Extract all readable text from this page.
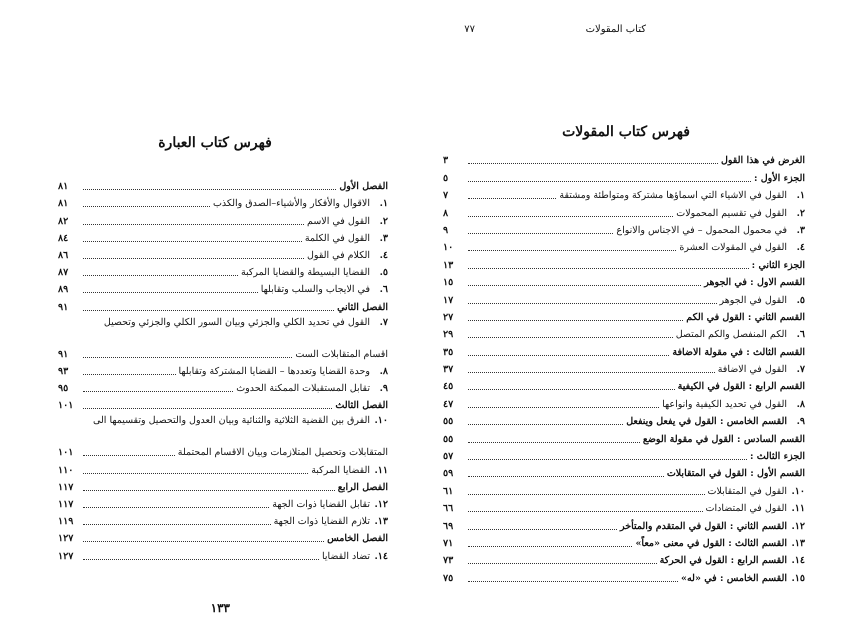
فهرس كتاب العبارة
الفصل الأول
٨١
١.
الاقوال والأفكار والأشياء–الصدق والكذب
٨١
٢.
القول في الاسم
٨٢
٣.
القول في الكلمة
٨٤
٤.
الكلام في القول
٨٦
٥.
القضايا البسيطة والقضايا المركبة
٨٧
٦.
في الايجاب والسلب وتقابلها
٨٩
الفصل الثاني
٩١
٧.
القول في تحديد الكلي والجزئي وبيان السور الكلي والجزئي وتحصيل
اقسام المتقابلات الست
٩١
٨.
وحدة القضايا وتعددها – القضايا المشتركة وتقابلها
٩٣
٩.
تقابل المستقبلات الممكنة الحدوث
٩٥
الفصل الثالث
١٠١
١٠.
الفرق بين القضية الثلاثية والثنائية وبيان العدول والتحصيل وتقسيمها الى
المتقابلات وتحصيل المتلازمات وبيان الاقسام المحتملة
١٠١
١١.
القضايا المركبة
١١٠
الفصل الرابع
١١٧
١٢.
تقابل القضايا ذوات الجهة
١١٧
١٣.
تلازم القضايا ذوات الجهة
١١٩
الفصل الخامس
١٢٧
١٤.
تضاد القضايا
١٢٧
١٣٣
كتاب المقولات
٧٧
فهرس كتاب المقولات
الغرض في هذا القول
٣
الجزء الأول :
٥
١.
القول في الاشياء التي اسماؤها مشتركة ومتواطئة ومشتقة
٧
٢.
القول في تقسيم المحمولات
٨
٣.
في محمول المحمول – في الاجناس والانواع
٩
٤.
القول في المقولات العشرة
١٠
الجزء الثاني :
١٣
القسم الاول : في الجوهر
١٥
٥.
القول في الجوهر
١٧
القسم الثاني : القول في الكم
٢٧
٦.
الكم المنفصل والكم المتصل
٢٩
القسم الثالث : في مقولة الاضافة
٣٥
٧.
القول في الاضافة
٣٧
القسم الرابع : القول في الكيفية
٤٥
٨.
القول في تحديد الكيفية وانواعها
٤٧
٩.
القسم الخامس : القول في يفعل وينفعل
٥٥
القسم السادس : القول في مقولة الوضع
٥٥
الجزء الثالث :
٥٧
القسم الأول : القول في المتقابلات
٥٩
١٠.
القول في المتقابلات
٦١
١١.
القول في المتضادات
٦٦
١٢.
القسم الثاني : القول في المتقدم والمتأخر
٦٩
١٣.
القسم الثالث : القول في معنى «معاً»
٧١
١٤.
القسم الرابع : القول في الحركة
٧٣
١٥.
القسم الخامس : في «له»
٧٥
